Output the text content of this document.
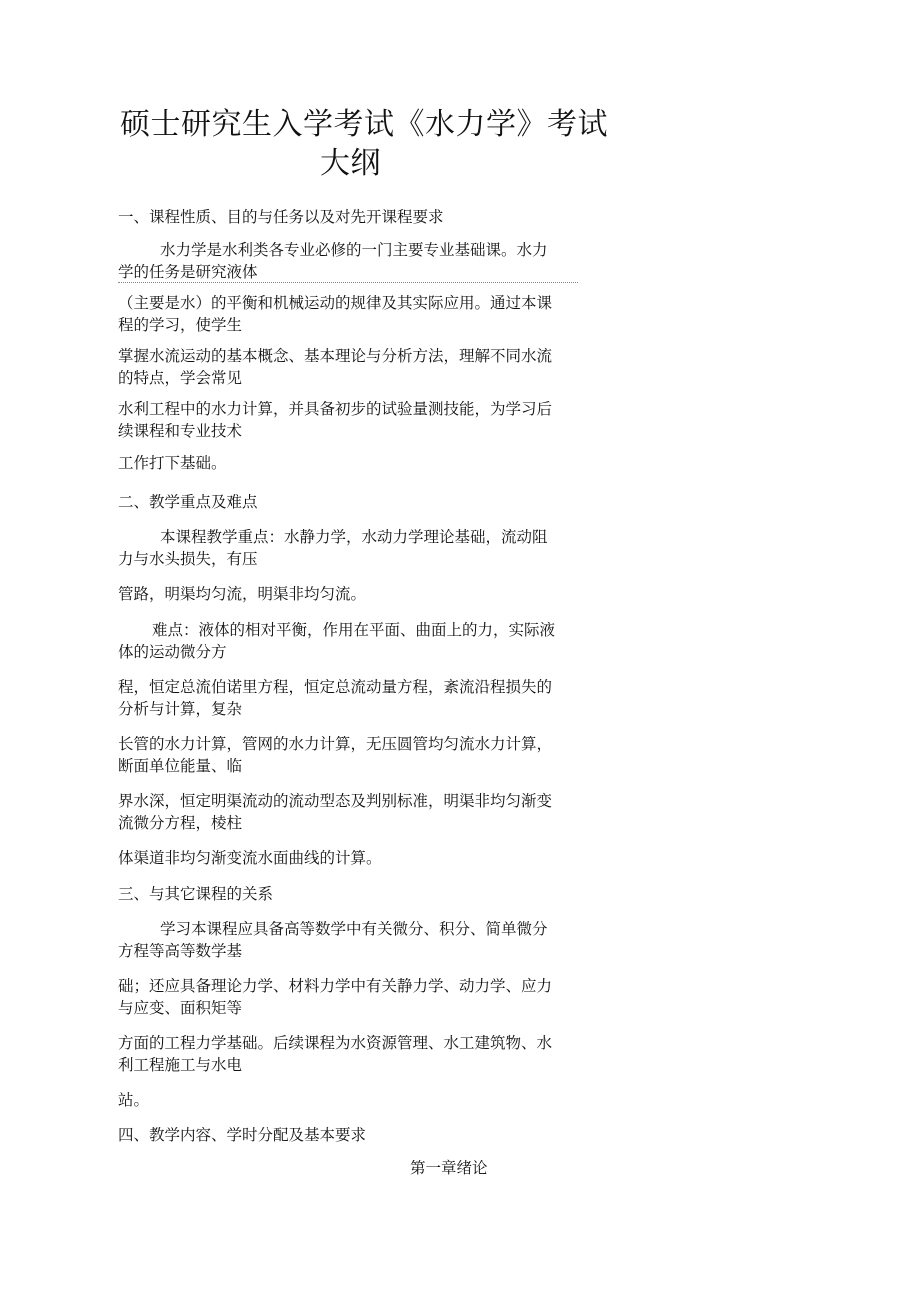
硕士研究生入学考试《水力学》考试
大纲
一、课程性质、目的与任务以及对先开课程要求
水力学是水利类各专业必修的一门主要专业基础课。水力
学的任务是研究液体
（主要是水）的平衡和机械运动的规律及其实际应用。通过本课
程的学习，使学生
掌握水流运动的基本概念、基本理论与分析方法，理解不同水流
的特点，学会常见
水利工程中的水力计算，并具备初步的试验量测技能，为学习后
续课程和专业技术
工作打下基础。
二、教学重点及难点
本课程教学重点：水静力学，水动力学理论基础，流动阻
力与水头损失，有压
管路，明渠均匀流，明渠非均匀流。
难点：液体的相对平衡，作用在平面、曲面上的力，实际液
体的运动微分方
程，恒定总流伯诺里方程，恒定总流动量方程，紊流沿程损失的
分析与计算，复杂
长管的水力计算，管网的水力计算，无压圆管均匀流水力计算，
断面单位能量、临
界水深，恒定明渠流动的流动型态及判别标准，明渠非均匀渐变
流微分方程，棱柱
体渠道非均匀渐变流水面曲线的计算。
三、与其它课程的关系
学习本课程应具备高等数学中有关微分、积分、简单微分
方程等高等数学基
础；还应具备理论力学、材料力学中有关静力学、动力学、应力
与应变、面积矩等
方面的工程力学基础。后续课程为水资源管理、水工建筑物、水
利工程施工与水电
站。
四、教学内容、学时分配及基本要求
第一章绪论
